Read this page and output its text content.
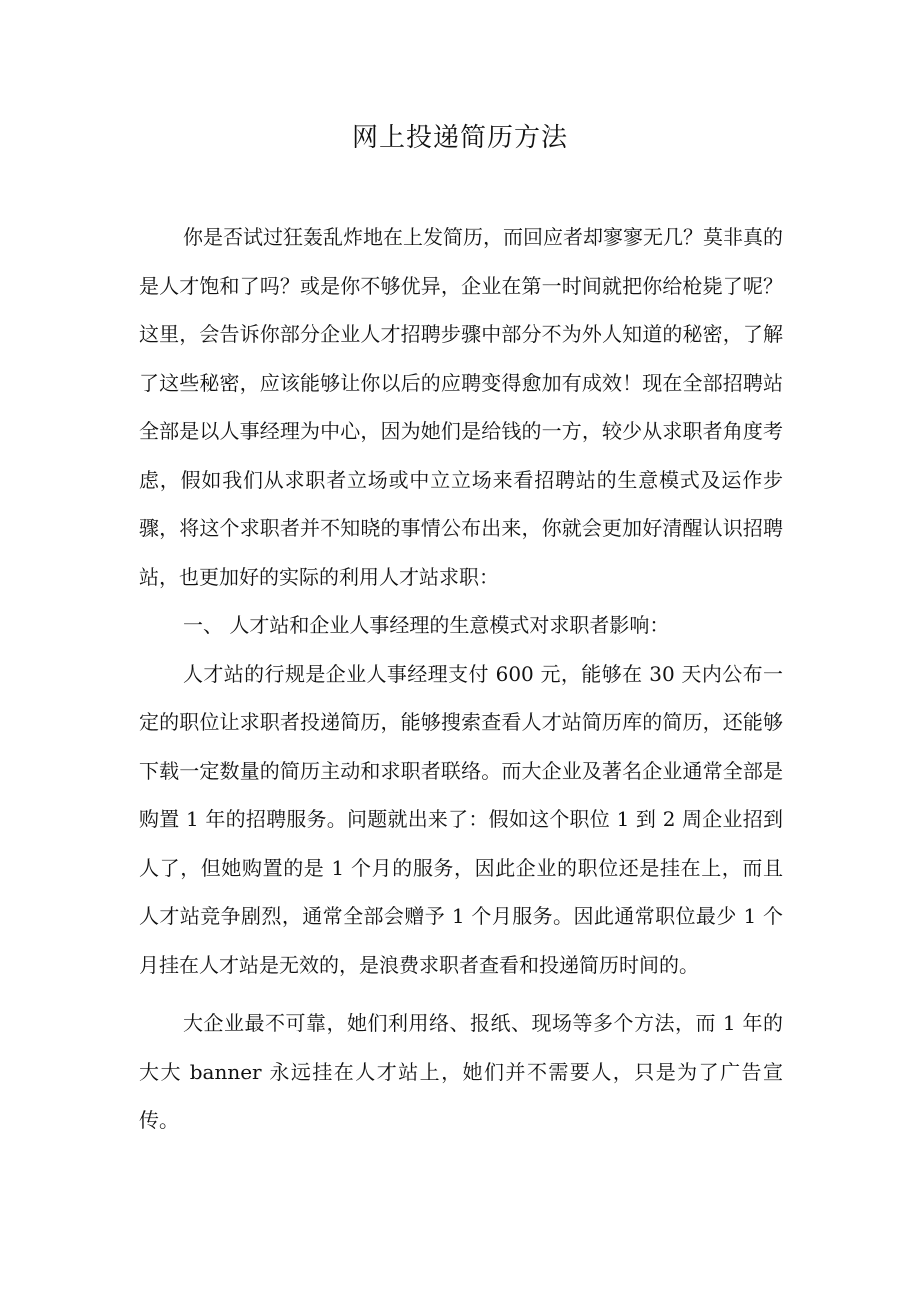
网上投递简历方法

你是否试过狂轰乱炸地在上发简历，而回应者却寥寥无几？莫非真的是人才饱和了吗？或是你不够优异，企业在第一时间就把你给枪毙了呢？这里，会告诉你部分企业人才招聘步骤中部分不为外人知道的秘密，了解了这些秘密，应该能够让你以后的应聘变得愈加有成效！现在全部招聘站全部是以人事经理为中心，因为她们是给钱的一方，较少从求职者角度考虑，假如我们从求职者立场或中立立场来看招聘站的生意模式及运作步骤，将这个求职者并不知晓的事情公布出来，你就会更加好清醒认识招聘站，也更加好的实际的利用人才站求职：

一、 人才站和企业人事经理的生意模式对求职者影响：

人才站的行规是企业人事经理支付 600 元，能够在 30 天内公布一定的职位让求职者投递简历，能够搜索查看人才站简历库的简历，还能够下载一定数量的简历主动和求职者联络。而大企业及著名企业通常全部是购置 1 年的招聘服务。问题就出来了：假如这个职位 1 到 2 周企业招到人了，但她购置的是 1 个月的服务，因此企业的职位还是挂在上，而且人才站竞争剧烈，通常全部会赠予 1 个月服务。因此通常职位最少 1 个月挂在人才站是无效的，是浪费求职者查看和投递简历时间的。

大企业最不可靠，她们利用络、报纸、现场等多个方法，而 1 年的大大 banner 永远挂在人才站上，她们并不需要人，只是为了广告宣传。
